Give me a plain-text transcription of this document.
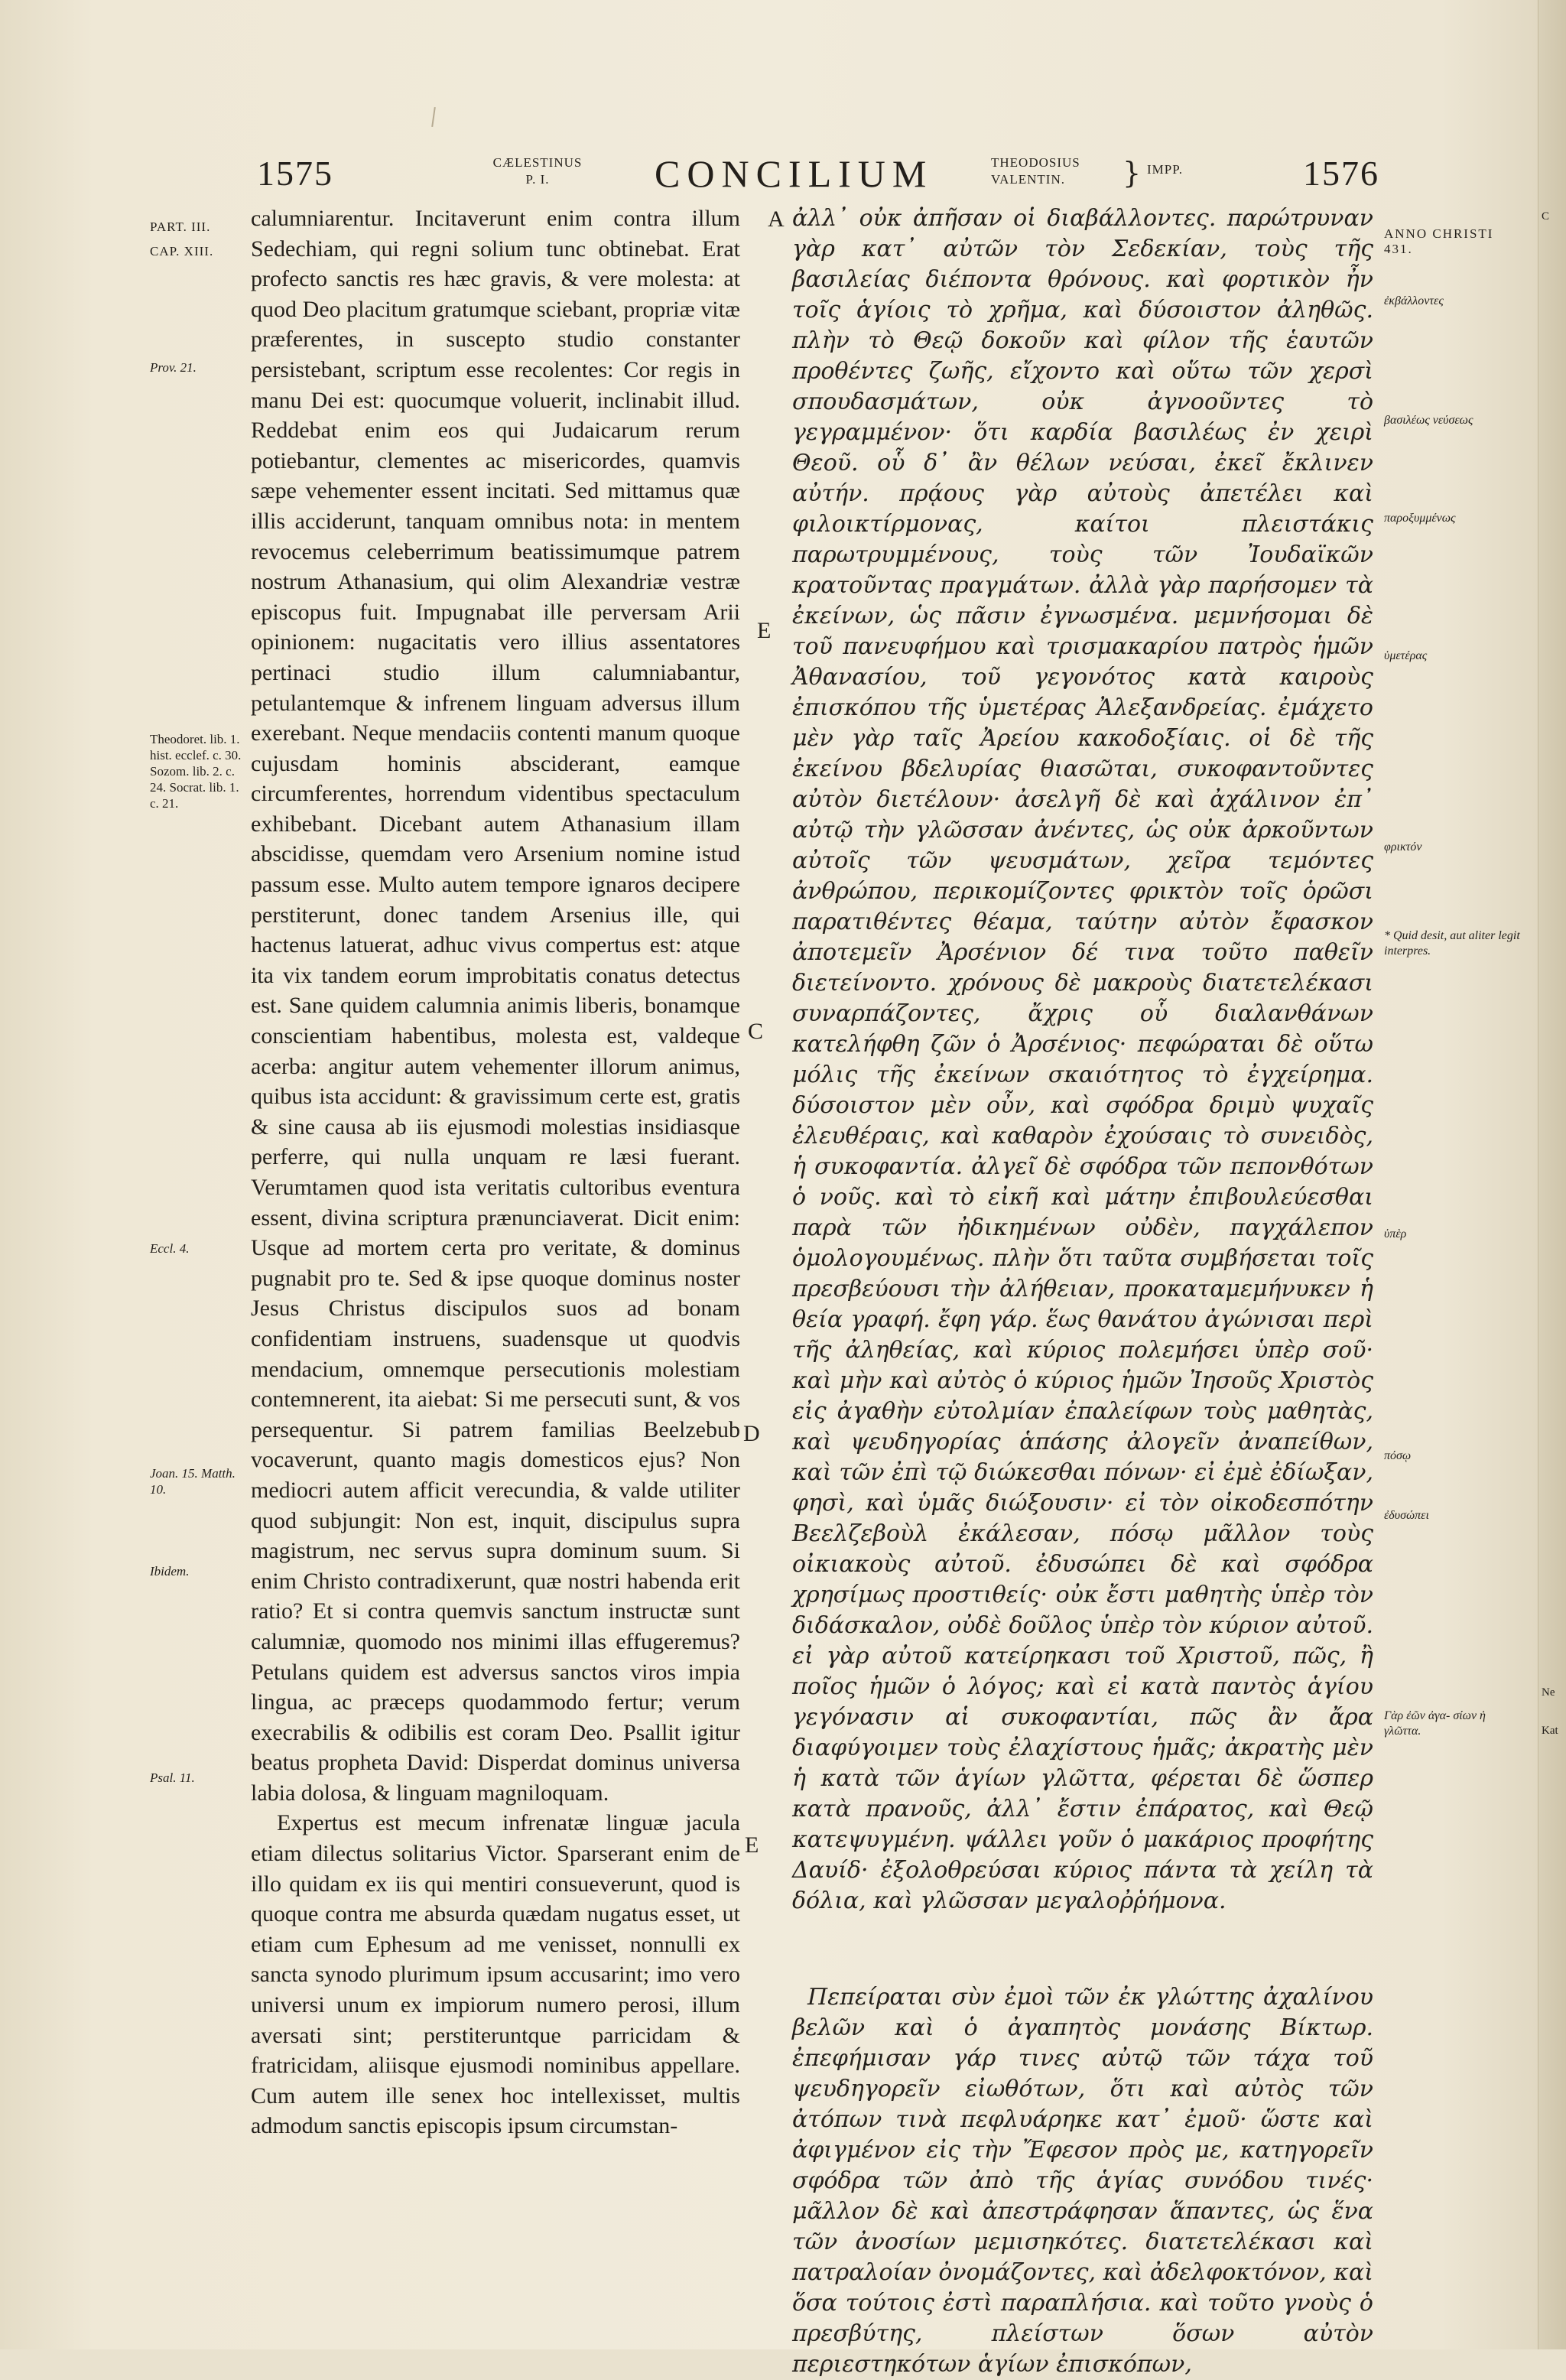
1575	CÆLESTINUS
P. I.	CONCILIUM	THEODOSIUS
VALENTIN.	} IMPP.	1576
PART. III.
CAP. XIII.
Prov. 21.
Theodoret. lib. 1. hist. ecclef. c. 30. Sozom. lib. 2. c. 24. Socrat. lib. 1. c. 21.
Eccl. 4.
Joan. 15. Matth. 10.
Ibidem.
Psal. 11.

calumniarentur. Incitaverunt enim contra illum Sedechiam, qui regni solium tunc obtinebat. Erat profecto sanctis res hæc gravis, & vere molesta: at quod Deo placitum gratumque sciebant, propriæ vitæ præferentes, in suscepto studio constanter persistebant, scriptum esse recolentes: Cor regis in manu Dei est: quocumque voluerit, inclinabit illud. Reddebat enim eos qui Judaicarum rerum potiebantur, clementes ac misericordes, quamvis sæpe vehementer essent incitati. Sed mittamus quæ illis acciderunt, tanquam omnibus nota: in mentem revocemus celeberrimum beatissimumque patrem nostrum Athanasium, qui olim Alexandriæ vestræ episcopus fuit. Impugnabat ille perversam Arii opinionem: nugacitatis vero illius assentatores pertinaci studio illum calumniabantur, petulantemque & infrenem linguam adversus illum exerebant. Neque mendaciis contenti manum quoque cujusdam hominis absciderant, eamque circumferentes, horrendum videntibus spectaculum exhibebant. Dicebant autem Athanasium illam abscidisse, quemdam vero Arsenium nomine istud passum esse. Multo autem tempore ignaros decipere perstiterunt, donec tandem Arsenius ille, qui hactenus latuerat, adhuc vivus compertus est: atque ita vix tandem eorum improbitatis conatus detectus est. Sane quidem calumnia animis liberis, bonamque conscientiam habentibus, molesta est, valdeque acerba: angitur autem vehementer illorum animus, quibus ista accidunt: & gravissimum certe est, gratis & sine causa ab iis ejusmodi molestias insidiasque perferre, qui nulla unquam re læsi fuerant. Verumtamen quod ista veritatis cultoribus eventura essent, divina scriptura prænunciaverat. Dicit enim: Usque ad mortem certa pro veritate, & dominus pugnabit pro te. Sed & ipse quoque dominus noster Jesus Christus discipulos suos ad bonam confidentiam instruens, suadensque ut quodvis mendacium, omnemque persecutionis molestiam contemnerent, ita aiebat: Si me persecuti sunt, & vos persequentur. Si patrem familias Beelzebub vocaverunt, quanto magis domesticos ejus? Non mediocri autem afficit verecundia, & valde utiliter quod subjungit: Non est, inquit, discipulus supra magistrum, nec servus supra dominum suum. Si enim Christo contradixerunt, quæ nostri habenda erit ratio? Et si contra quemvis sanctum instructæ sunt calumniæ, quomodo nos minimi illas effugeremus? Petulans quidem est adversus sanctos viros impia lingua, ac præceps quodammodo fertur; verum execrabilis & odibilis est coram Deo. Psallit igitur beatus propheta David: Disperdat dominus universa labia dolosa, & linguam magniloquam.

Expertus est mecum infrenatæ linguæ jacula etiam dilectus solitarius Victor. Sparserant enim de illo quidam ex iis qui mentiri consueverunt, quod is quoque contra me absurda quædam nugatus esset, ut etiam cum Ephesum ad me venisset, nonnulli ex sancta synodo plurimum ipsum accusarint; imo vero universi unum ex impiorum numero perosi, illum aversati sint; perstiteruntque parricidam & fratricidam, aliisque ejusmodi nominibus appellare. Cum autem ille senex hoc intellexisset, multis admodum sanctis episcopis ipsum circumstan-

A
E
C
D
E

ἀλλ᾽ οὐκ ἀπῆσαν οἱ διαβάλλοντες. παρώτρυναν γὰρ κατ᾽ αὐτῶν τὸν Σεδεκίαν, τοὺς τῆς βασιλείας διέποντα θρόνους. καὶ φορτικὸν ἦν τοῖς ἁγίοις τὸ χρῆμα, καὶ δύσοιστον ἀληθῶς. πλὴν τὸ Θεῷ δοκοῦν καὶ φίλον τῆς ἑαυτῶν προθέντες ζωῆς, εἴχοντο καὶ οὕτω τῶν χερσὶ σπουδασμάτων, οὐκ ἀγνοοῦντες τὸ γεγραμμένον· ὅτι καρδία βασιλέως ἐν χειρὶ Θεοῦ. οὗ δ᾽ ἂν θέλων νεύσαι, ἐκεῖ ἔκλινεν αὐτήν. πρᾴους γὰρ αὐτοὺς ἀπετέλει καὶ φιλοικτίρμονας, καίτοι πλειστάκις παρωτρυμμένους, τοὺς τῶν Ἰουδαϊκῶν κρατοῦντας πραγμάτων. ἀλλὰ γὰρ παρήσομεν τὰ ἐκείνων, ὡς πᾶσιν ἐγνωσμένα. μεμνήσομαι δὲ τοῦ πανευφήμου καὶ τρισμακαρίου πατρὸς ἡμῶν Ἀθανασίου, τοῦ γεγονότος κατὰ καιροὺς ἐπισκόπου τῆς ὑμετέρας Ἀλεξανδρείας. ἐμάχετο μὲν γὰρ ταῖς Ἀρείου κακοδοξίαις. οἱ δὲ τῆς ἐκείνου βδελυρίας θιασῶται, συκοφαντοῦντες αὐτὸν διετέλουν· ἀσελγῆ δὲ καὶ ἀχάλινον ἐπ᾽ αὐτῷ τὴν γλῶσσαν ἀνέντες, ὡς οὐκ ἀρκοῦντων αὐτοῖς τῶν ψευσμάτων, χεῖρα τεμόντες ἀνθρώπου, περικομίζοντες φρικτὸν τοῖς ὁρῶσι παρατιθέντες θέαμα, ταύτην αὐτὸν ἔφασκον ἀποτεμεῖν Ἀρσένιον δέ τινα τοῦτο παθεῖν διετείνοντο. χρόνους δὲ μακροὺς διατετελέκασι συναρπάζοντες, ἄχρις οὗ διαλανθάνων κατελήφθη ζῶν ὁ Ἀρσένιος· πεφώραται δὲ οὕτω μόλις τῆς ἐκείνων σκαιότητος τὸ ἐγχείρημα. δύσοιστον μὲν οὖν, καὶ σφόδρα δριμὺ ψυχαῖς ἐλευθέραις, καὶ καθαρὸν ἐχούσαις τὸ συνειδὸς, ἡ συκοφαντία. ἀλγεῖ δὲ σφόδρα τῶν πεπονθότων ὁ νοῦς. καὶ τὸ εἰκῆ καὶ μάτην ἐπιβουλεύεσθαι παρὰ τῶν ἠδικημένων οὐδὲν, παγχάλεπον ὁμολογουμένως. πλὴν ὅτι ταῦτα συμβήσεται τοῖς πρεσβεύουσι τὴν ἀλήθειαν, προκαταμεμήνυκεν ἡ θεία γραφή. ἔφη γάρ. ἕως θανάτου ἀγώνισαι περὶ τῆς ἀληθείας, καὶ κύριος πολεμήσει ὑπὲρ σοῦ· καὶ μὴν καὶ αὐτὸς ὁ κύριος ἡμῶν Ἰησοῦς Χριστὸς εἰς ἀγαθὴν εὐτολμίαν ἐπαλείφων τοὺς μαθητὰς, καὶ ψευδηγορίας ἁπάσης ἀλογεῖν ἀναπείθων, καὶ τῶν ἐπὶ τῷ διώκεσθαι πόνων· εἰ ἐμὲ ἐδίωξαν, φησὶ, καὶ ὑμᾶς διώξουσιν· εἰ τὸν οἰκοδεσπότην Βεελζεβοὺλ ἐκάλεσαν, πόσῳ μᾶλλον τοὺς οἰκιακοὺς αὐτοῦ. ἐδυσώπει δὲ καὶ σφόδρα χρησίμως προστιθείς· οὐκ ἔστι μαθητὴς ὑπὲρ τὸν διδάσκαλον, οὐδὲ δοῦλος ὑπὲρ τὸν κύριον αὐτοῦ. εἰ γὰρ αὐτοῦ κατείρηκασι τοῦ Χριστοῦ, πῶς, ἢ ποῖος ἡμῶν ὁ λόγος; καὶ εἰ κατὰ παντὸς ἁγίου γεγόνασιν αἱ συκοφαντίαι, πῶς ἂν ἄρα διαφύγοιμεν τοὺς ἐλαχίστους ἡμᾶς; ἀκρατὴς μὲν ἡ κατὰ τῶν ἁγίων γλῶττα, φέρεται δὲ ὥσπερ κατὰ πρανοῦς, ἀλλ᾽ ἔστιν ἐπάρατος, καὶ Θεῷ κατεψυγμένη. ψάλλει γοῦν ὁ μακάριος προφήτης Δαυίδ· ἐξολοθρεύσαι κύριος πάντα τὰ χείλη τὰ δόλια, καὶ γλῶσσαν μεγαλοῤῥήμονα.

Πεπείραται σὺν ἐμοὶ τῶν ἐκ γλώττης ἀχαλίνου βελῶν καὶ ὁ ἀγαπητὸς μονάσης Βίκτωρ. ἐπεφήμισαν γάρ τινες αὐτῷ τῶν τάχα τοῦ ψευδηγορεῖν εἰωθότων, ὅτι καὶ αὐτὸς τῶν ἀτόπων τινὰ πεφλυάρηκε κατ᾽ ἐμοῦ· ὥστε καὶ ἀφιγμένον εἰς τὴν Ἔφεσον πρὸς με, κατηγορεῖν σφόδρα τῶν ἀπὸ τῆς ἁγίας συνόδου τινές· μᾶλλον δὲ καὶ ἀπεστράφησαν ἅπαντες, ὡς ἕνα τῶν ἀνοσίων μεμισηκότες. διατετελέκασι καὶ πατραλοίαν ὀνομάζοντες, καὶ ἀδελφοκτόνον, καὶ ὅσα τούτοις ἐστὶ παραπλήσια. καὶ τοῦτο γνοὺς ὁ πρεσβύτης, πλείστων ὅσων αὐτὸν περιεστηκότων ἁγίων ἐπισκόπων,

ANNO CHRISTI 431.
ἐκβάλλοντες
βασιλέως νεύσεως
παροξυμμένως
ὑμετέρας
φρικτόν
* Quid desit, aut aliter legit interpres.
ὑπὲρ
πόσῳ
ἐδυσώπει
Γὰρ ἐῶν ἀγα‐ σίων ἡ γλῶττα.
C
Ne
Kat
